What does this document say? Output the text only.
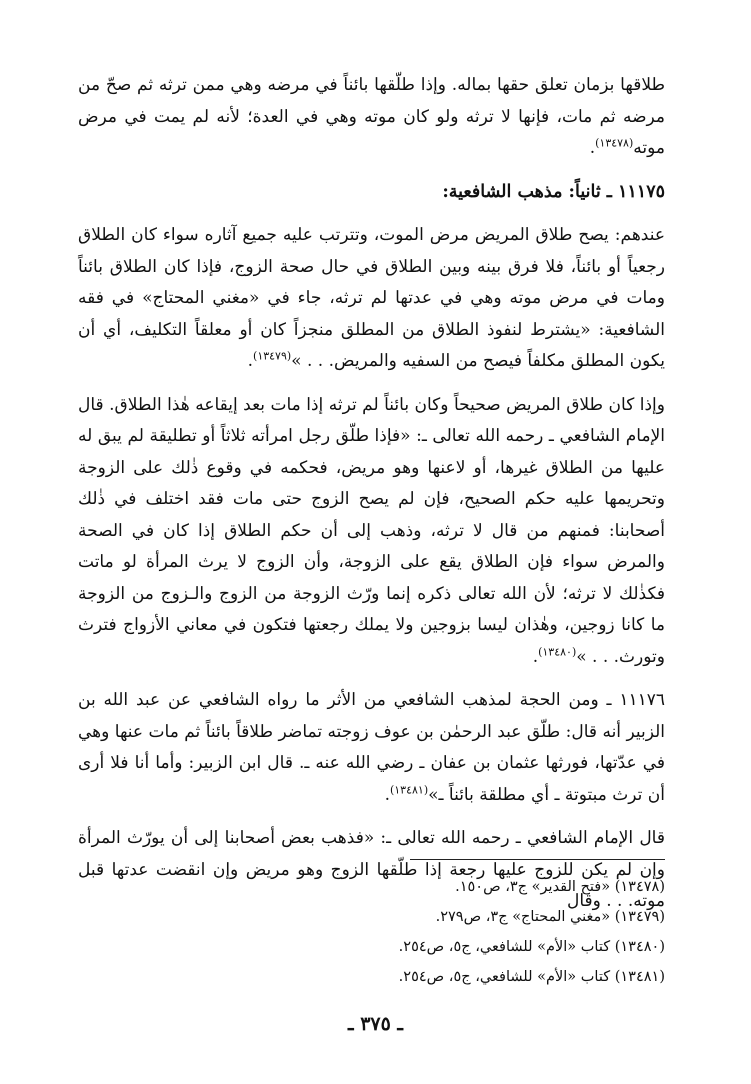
طلاقها بزمان تعلق حقها بماله. وإذا طلّقها بائناً في مرضه وهي ممن ترثه ثم صحّ من مرضه ثم مات، فإنها لا ترثه ولو كان موته وهي في العدة؛ لأنه لم يمت في مرض موته$^{(١٣٤٧٨)}$.

١١١٧٥ ـ ثانياً: مذهب الشافعية:

عندهم: يصح طلاق المريض مرض الموت، وتترتب عليه جميع آثاره سواء كان الطلاق رجعياً أو بائناً، فلا فرق بينه وبين الطلاق في حال صحة الزوج، فإذا كان الطلاق بائناً ومات في مرض موته وهي في عدتها لم ترثه، جاء في «مغني المحتاج» في فقه الشافعية: «يشترط لنفوذ الطلاق من المطلق منجزاً كان أو معلقاً التكليف، أي أن يكون المطلق مكلفاً فيصح من السفيه والمريض. . . »$^{(١٣٤٧٩)}$.

وإذا كان طلاق المريض صحيحاً وكان بائناً لم ترثه إذا مات بعد إيقاعه هٰذا الطلاق. قال الإمام الشافعي ـ رحمه الله تعالى ـ: «فإذا طلّق رجل امرأته ثلاثاً أو تطليقة لم يبق له عليها من الطلاق غيرها، أو لاعنها وهو مريض، فحكمه في وقوع ذٰلك على الزوجة وتحريمها عليه حكم الصحيح، فإن لم يصح الزوج حتى مات فقد اختلف في ذٰلك أصحابنا: فمنهم من قال لا ترثه، وذهب إلى أن حكم الطلاق إذا كان في الصحة والمرض سواء فإن الطلاق يقع على الزوجة، وأن الزوج لا يرث المرأة لو ماتت فكذٰلك لا ترثه؛ لأن الله تعالى ذكره إنما ورّث الزوجة من الزوج والـزوج من الزوجة ما كانا زوجين، وهٰذان ليسا بزوجين ولا يملك رجعتها فتكون في معاني الأزواج فترث وتورث. . . »$^{(١٣٤٨٠)}$.

١١١٧٦ ـ ومن الحجة لمذهب الشافعي من الأثر ما رواه الشافعي عن عبد الله بن الزبير أنه قال: طلّق عبد الرحمٰن بن عوف زوجته تماضر طلاقاً بائناً ثم مات عنها وهي في عدّتها، فورثها عثمان بن عفان ـ رضي الله عنه ـ. قال ابن الزبير: وأما أنا فلا أرى أن ترث مبتوتة ـ أي مطلقة بائناً ـ»$^{(١٣٤٨١)}$.

قال الإمام الشافعي ـ رحمه الله تعالى ـ: «فذهب بعض أصحابنا إلى أن يورّث المرأة وإن لم يكن للزوج عليها رجعة إذا طلّقها الزوج وهو مريض وإن انقضت عدتها قبل موته. . . وقال

(١٣٤٧٨) «فتح القدير» ج٣، ص١٥٠.

(١٣٤٧٩) «مغني المحتاج» ج٣، ص٢٧٩.

(١٣٤٨٠) كتاب «الأم» للشافعي، ج٥، ص٢٥٤.

(١٣٤٨١) كتاب «الأم» للشافعي، ج٥، ص٢٥٤.

ـ ٣٧٥ ـ
